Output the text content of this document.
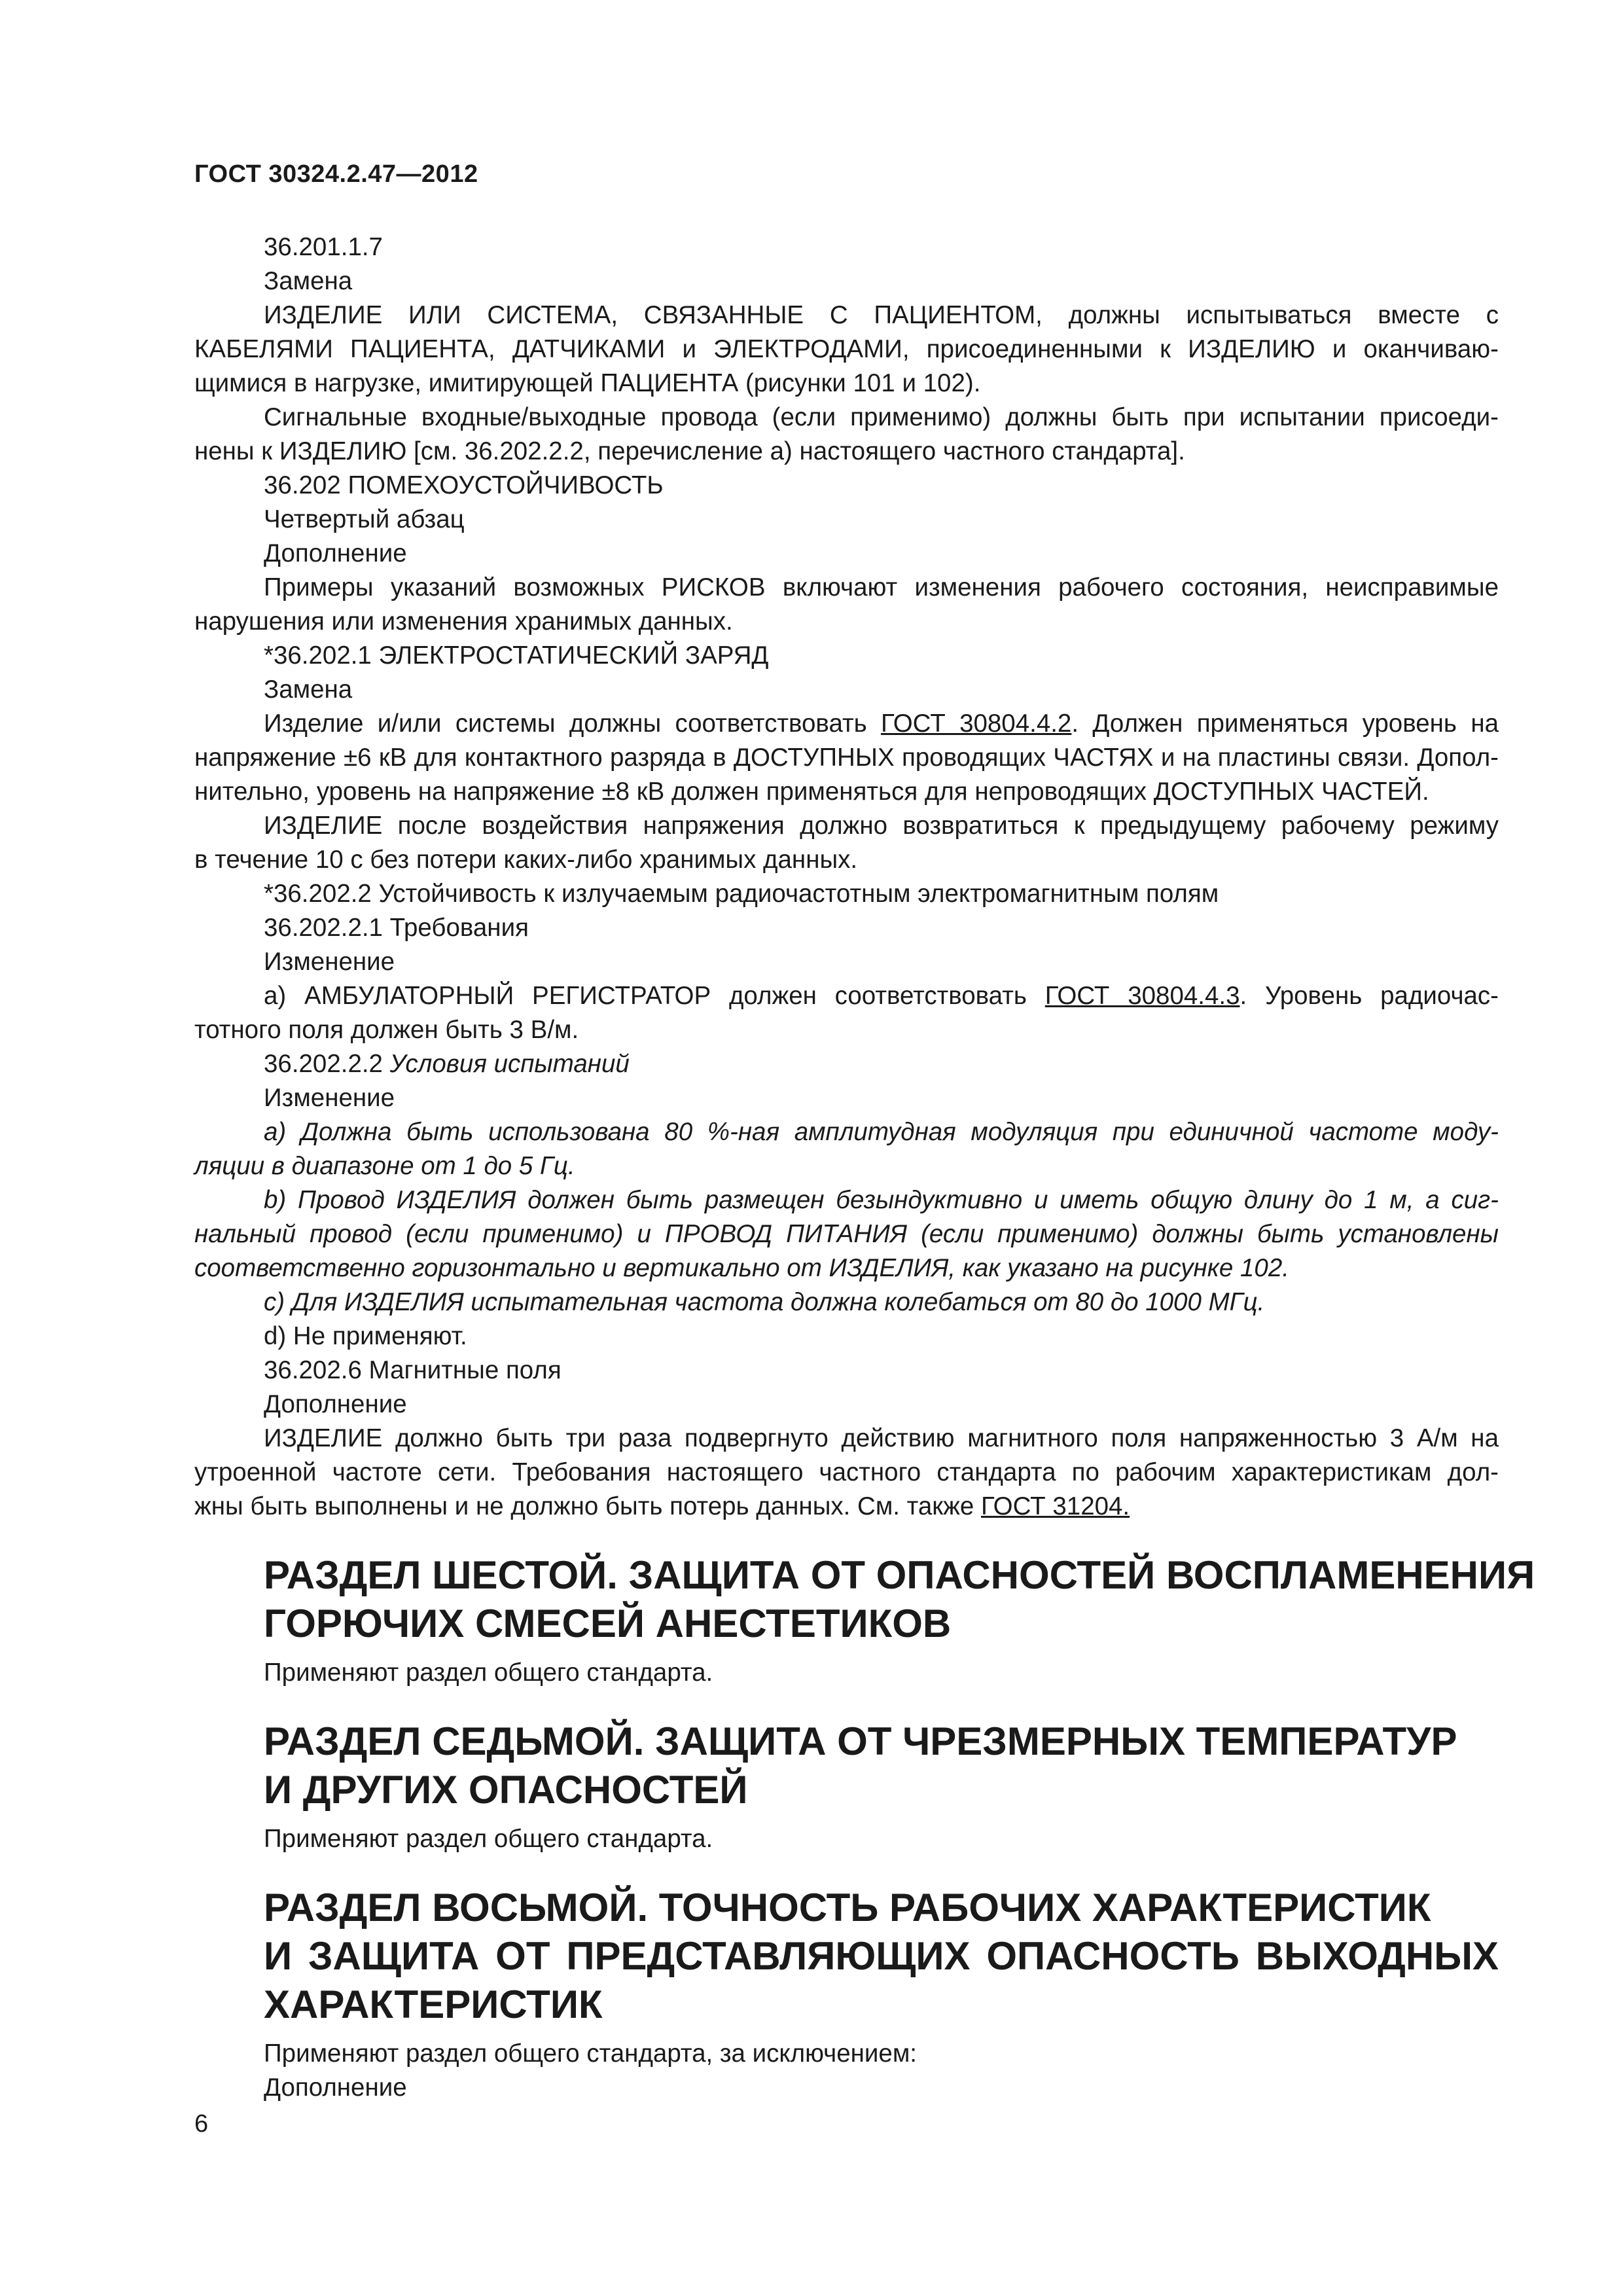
ГОСТ 30324.2.47—2012
36.201.1.7
Замена
ИЗДЕЛИЕ ИЛИ СИСТЕМА, СВЯЗАННЫЕ С ПАЦИЕНТОМ, должны испытываться вместе с
КАБЕЛЯМИ ПАЦИЕНТА, ДАТЧИКАМИ и ЭЛЕКТРОДАМИ, присоединенными к ИЗДЕЛИЮ и оканчиваю-
щимися в нагрузке, имитирующей ПАЦИЕНТА (рисунки 101 и 102).
Сигнальные входные/выходные провода (если применимо) должны быть при испытании присоеди-
нены к ИЗДЕЛИЮ [см. 36.202.2.2, перечисление а) настоящего частного стандарта].
36.202 ПОМЕХОУСТОЙЧИВОСТЬ
Четвертый абзац
Дополнение
Примеры указаний возможных РИСКОВ включают изменения рабочего состояния, неисправимые
нарушения или изменения хранимых данных.
*36.202.1 ЭЛЕКТРОСТАТИЧЕСКИЙ ЗАРЯД
Замена
Изделие и/или системы должны соответствовать ГОСТ 30804.4.2. Должен применяться уровень на
напряжение ±6 кВ для контактного разряда в ДОСТУПНЫХ проводящих ЧАСТЯХ и на пластины связи. Допол-
нительно, уровень на напряжение ±8 кВ должен применяться для непроводящих ДОСТУПНЫХ ЧАСТЕЙ.
ИЗДЕЛИЕ после воздействия напряжения должно возвратиться к предыдущему рабочему режиму
в течение 10 с без потери каких-либо хранимых данных.
*36.202.2 Устойчивость к излучаемым радиочастотным электромагнитным полям
36.202.2.1 Требования
Изменение
а) АМБУЛАТОРНЫЙ РЕГИСТРАТОР должен соответствовать ГОСТ 30804.4.3. Уровень радиочас-
тотного поля должен быть 3 В/м.
36.202.2.2 Условия испытаний
Изменение
a) Должна быть использована 80 %-ная амплитудная модуляция при единичной частоте моду-
ляции в диапазоне от 1 до 5 Гц.
b) Провод ИЗДЕЛИЯ должен быть размещен безындуктивно и иметь общую длину до 1 м, а сиг-
нальный провод (если применимо) и ПРОВОД ПИТАНИЯ (если применимо) должны быть установлены
соответственно горизонтально и вертикально от ИЗДЕЛИЯ, как указано на рисунке 102.
c) Для ИЗДЕЛИЯ испытательная частота должна колебаться от 80 до 1000 МГц.
d) Не применяют.
36.202.6 Магнитные поля
Дополнение
ИЗДЕЛИЕ должно быть три раза подвергнуто действию магнитного поля напряженностью 3 А/м на
утроенной частоте сети. Требования настоящего частного стандарта по рабочим характеристикам дол-
жны быть выполнены и не должно быть потерь данных. См. также ГОСТ 31204.
РАЗДЕЛ ШЕСТОЙ. ЗАЩИТА ОТ ОПАСНОСТЕЙ ВОСПЛАМЕНЕНИЯ
ГОРЮЧИХ СМЕСЕЙ АНЕСТЕТИКОВ
Применяют раздел общего стандарта.
РАЗДЕЛ СЕДЬМОЙ. ЗАЩИТА ОТ ЧРЕЗМЕРНЫХ ТЕМПЕРАТУР
И ДРУГИХ ОПАСНОСТЕЙ
Применяют раздел общего стандарта.
РАЗДЕЛ ВОСЬМОЙ. ТОЧНОСТЬ РАБОЧИХ ХАРАКТЕРИСТИК
И ЗАЩИТА ОТ ПРЕДСТАВЛЯЮЩИХ ОПАСНОСТЬ ВЫХОДНЫХ
ХАРАКТЕРИСТИК
Применяют раздел общего стандарта, за исключением:
Дополнение
6
